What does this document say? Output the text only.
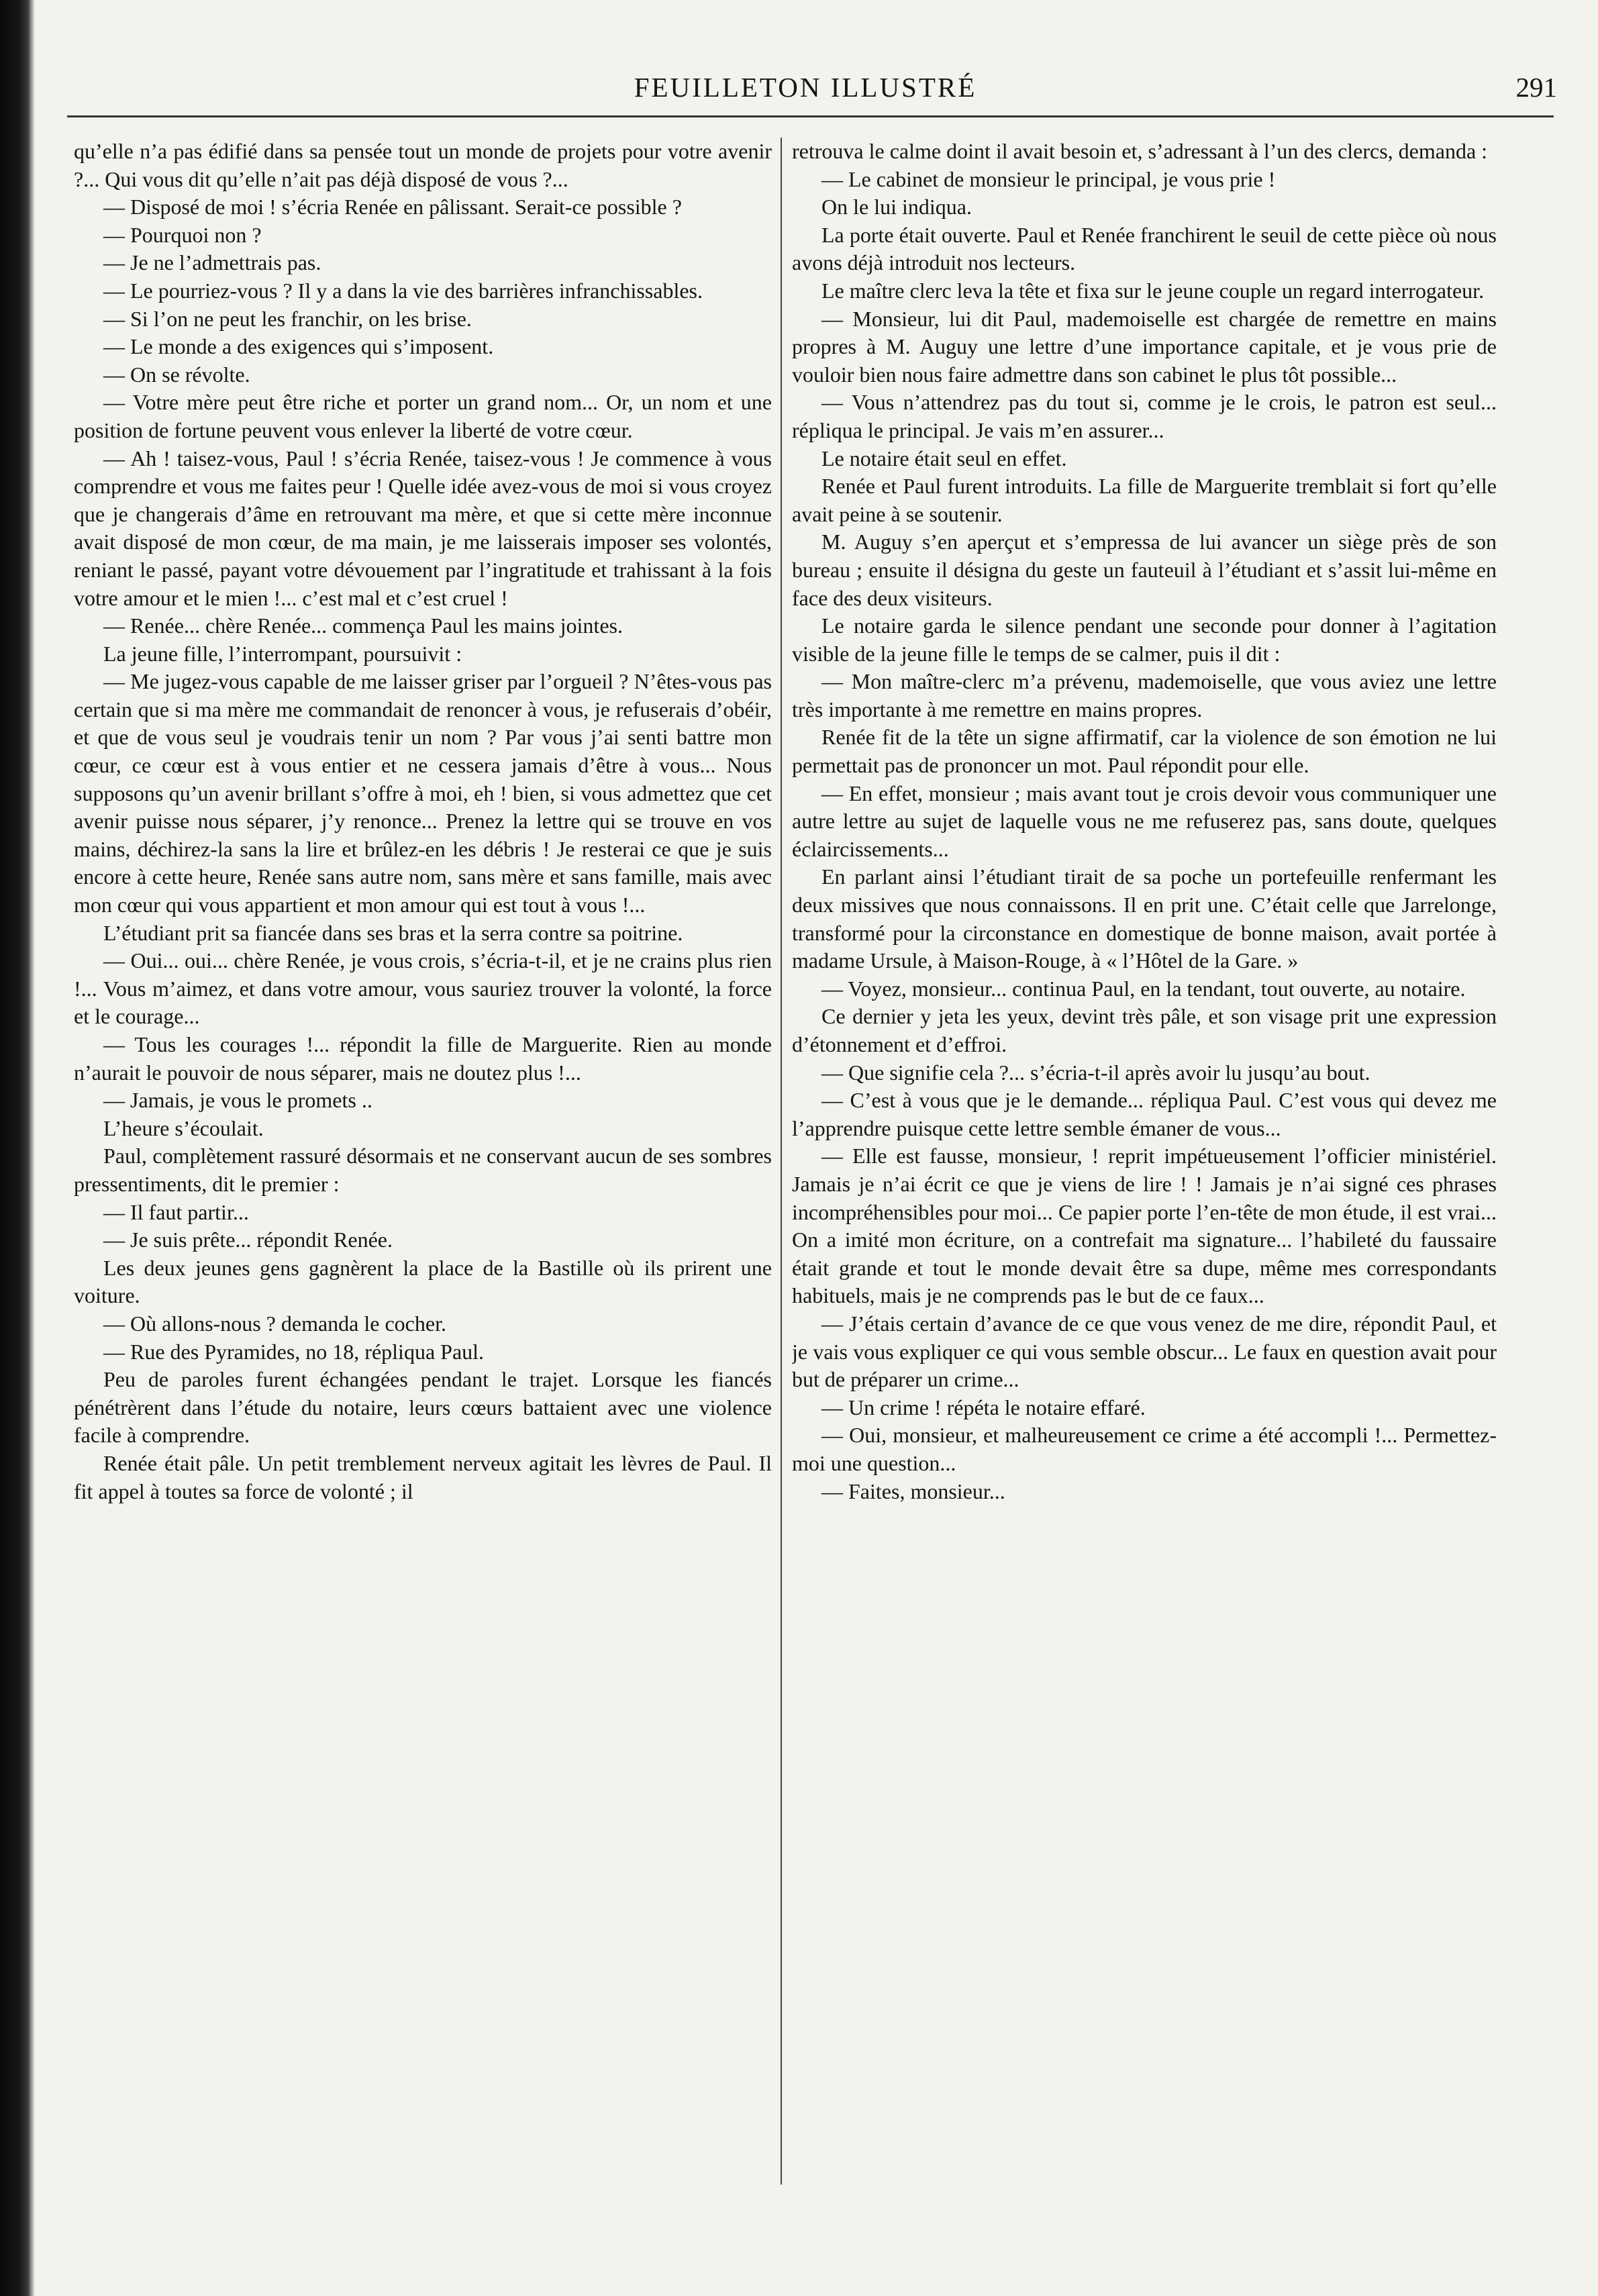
FEUILLETON ILLUSTRÉ	291

qu’elle n’a pas édifié dans sa pensée tout un monde de projets pour votre avenir ?... Qui vous dit qu’elle n’ait pas déjà disposé de vous ?...

— Disposé de moi ! s’écria Renée en pâlissant. Serait-ce possible ?

— Pourquoi non ?

— Je ne l’admettrais pas.

— Le pourriez-vous ? Il y a dans la vie des barrières infranchissables.

— Si l’on ne peut les franchir, on les brise.

— Le monde a des exigences qui s’imposent.

— On se révolte.

— Votre mère peut être riche et porter un grand nom... Or, un nom et une position de fortune peuvent vous enlever la liberté de votre cœur.

— Ah ! taisez-vous, Paul ! s’écria Renée, taisez-vous ! Je commence à vous comprendre et vous me faites peur ! Quelle idée avez-vous de moi si vous croyez que je changerais d’âme en retrouvant ma mère, et que si cette mère inconnue avait disposé de mon cœur, de ma main, je me laisserais imposer ses volontés, reniant le passé, payant votre dévouement par l’ingratitude et trahissant à la fois votre amour et le mien !... c’est mal et c’est cruel !

— Renée... chère Renée... commença Paul les mains jointes.

La jeune fille, l’interrompant, poursuivit :

— Me jugez-vous capable de me laisser griser par l’orgueil ? N’êtes-vous pas certain que si ma mère me commandait de renoncer à vous, je refuserais d’obéir, et que de vous seul je voudrais tenir un nom ? Par vous j’ai senti battre mon cœur, ce cœur est à vous entier et ne cessera jamais d’être à vous... Nous supposons qu’un avenir brillant s’offre à moi, eh ! bien, si vous admettez que cet avenir puisse nous séparer, j’y renonce... Prenez la lettre qui se trouve en vos mains, déchirez-la sans la lire et brûlez-en les débris ! Je resterai ce que je suis encore à cette heure, Renée sans autre nom, sans mère et sans famille, mais avec mon cœur qui vous appartient et mon amour qui est tout à vous !...

L’étudiant prit sa fiancée dans ses bras et la serra contre sa poitrine.

— Oui... oui... chère Renée, je vous crois, s’écria-t-il, et je ne crains plus rien !... Vous m’aimez, et dans votre amour, vous sauriez trouver la volonté, la force et le courage...

— Tous les courages !... répondit la fille de Marguerite. Rien au monde n’aurait le pouvoir de nous séparer, mais ne doutez plus !...

— Jamais, je vous le promets ..

L’heure s’écoulait.

Paul, complètement rassuré désormais et ne conservant aucun de ses sombres pressentiments, dit le premier :

— Il faut partir...

— Je suis prête... répondit Renée.

Les deux jeunes gens gagnèrent la place de la Bastille où ils prirent une voiture.

— Où allons-nous ? demanda le cocher.

— Rue des Pyramides, no 18, répliqua Paul.

Peu de paroles furent échangées pendant le trajet. Lorsque les fiancés pénétrèrent dans l’étude du notaire, leurs cœurs battaient avec une violence facile à comprendre.

Renée était pâle. Un petit tremblement nerveux agitait les lèvres de Paul. Il fit appel à toutes sa force de volonté ; il

retrouva le calme doint il avait besoin et, s’adressant à l’un des clercs, demanda :

— Le cabinet de monsieur le principal, je vous prie !

On le lui indiqua.

La porte était ouverte. Paul et Renée franchirent le seuil de cette pièce où nous avons déjà introduit nos lecteurs.

Le maître clerc leva la tête et fixa sur le jeune couple un regard interrogateur.

— Monsieur, lui dit Paul, mademoiselle est chargée de remettre en mains propres à M. Auguy une lettre d’une importance capitale, et je vous prie de vouloir bien nous faire admettre dans son cabinet le plus tôt possible...

— Vous n’attendrez pas du tout si, comme je le crois, le patron est seul... répliqua le principal. Je vais m’en assurer...

Le notaire était seul en effet.

Renée et Paul furent introduits. La fille de Marguerite tremblait si fort qu’elle avait peine à se soutenir.

M. Auguy s’en aperçut et s’empressa de lui avancer un siège près de son bureau ; ensuite il désigna du geste un fauteuil à l’étudiant et s’assit lui-même en face des deux visiteurs.

Le notaire garda le silence pendant une seconde pour donner à l’agitation visible de la jeune fille le temps de se calmer, puis il dit :

— Mon maître-clerc m’a prévenu, mademoiselle, que vous aviez une lettre très importante à me remettre en mains propres.

Renée fit de la tête un signe affirmatif, car la violence de son émotion ne lui permettait pas de prononcer un mot. Paul répondit pour elle.

— En effet, monsieur ; mais avant tout je crois devoir vous communiquer une autre lettre au sujet de laquelle vous ne me refuserez pas, sans doute, quelques éclaircissements...

En parlant ainsi l’étudiant tirait de sa poche un portefeuille renfermant les deux missives que nous connaissons. Il en prit une. C’était celle que Jarrelonge, transformé pour la circonstance en domestique de bonne maison, avait portée à madame Ursule, à Maison-Rouge, à « l’Hôtel de la Gare. »

— Voyez, monsieur... continua Paul, en la tendant, tout ouverte, au notaire.

Ce dernier y jeta les yeux, devint très pâle, et son visage prit une expression d’étonnement et d’effroi.

— Que signifie cela ?... s’écria-t-il après avoir lu jusqu’au bout.

— C’est à vous que je le demande... répliqua Paul. C’est vous qui devez me l’apprendre puisque cette lettre semble émaner de vous...

— Elle est fausse, monsieur, ! reprit impétueusement l’officier ministériel. Jamais je n’ai écrit ce que je viens de lire ! ! Jamais je n’ai signé ces phrases incompréhensibles pour moi... Ce papier porte l’en-tête de mon étude, il est vrai... On a imité mon écriture, on a contrefait ma signature... l’habileté du faussaire était grande et tout le monde devait être sa dupe, même mes correspondants habituels, mais je ne comprends pas le but de ce faux...

— J’étais certain d’avance de ce que vous venez de me dire, répondit Paul, et je vais vous expliquer ce qui vous semble obscur... Le faux en question avait pour but de préparer un crime...

— Un crime ! répéta le notaire effaré.

— Oui, monsieur, et malheureusement ce crime a été accompli !... Permettez-moi une question...

— Faites, monsieur...
